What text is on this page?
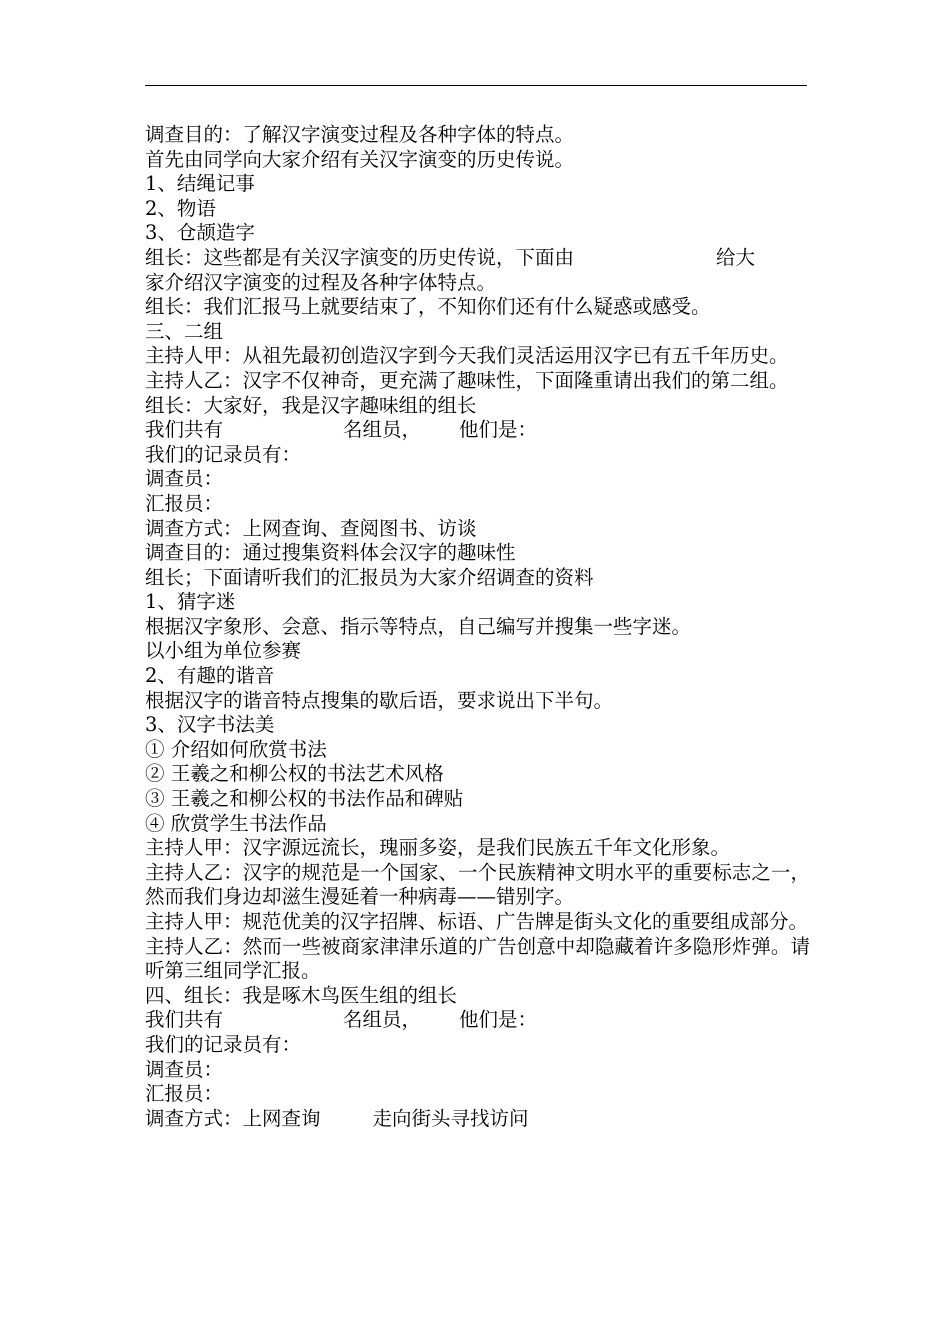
调查目的：了解汉字演变过程及各种字体的特点。
首先由同学向大家介绍有关汉字演变的历史传说。
1、结绳记事
2、物语
3、仓颉造字
组长：这些都是有关汉字演变的历史传说，下面由	给大
家介绍汉字演变的过程及各种字体特点。
组长：我们汇报马上就要结束了，不知你们还有什么疑惑或感受。
三、二组
主持人甲：从祖先最初创造汉字到今天我们灵活运用汉字已有五千年历史。
主持人乙：汉字不仅神奇，更充满了趣味性，下面隆重请出我们的第二组。
组长：大家好，我是汉字趣味组的组长
我们共有	名组员， 他们是：
我们的记录员有：
调查员：
汇报员：
调查方式：上网查询、查阅图书、访谈
调查目的：通过搜集资料体会汉字的趣味性
组长；下面请听我们的汇报员为大家介绍调查的资料
1、猜字迷
根据汉字象形、会意、指示等特点，自己编写并搜集一些字迷。
以小组为单位参赛
2、有趣的谐音
根据汉字的谐音特点搜集的歇后语，要求说出下半句。
3、汉字书法美
① 介绍如何欣赏书法
② 王羲之和柳公权的书法艺术风格
③ 王羲之和柳公权的书法作品和碑贴
④ 欣赏学生书法作品
主持人甲：汉字源远流长，瑰丽多姿，是我们民族五千年文化形象。
主持人乙：汉字的规范是一个国家、一个民族精神文明水平的重要标志之一，然而我们身边却滋生漫延着一种病毒——错别字。
主持人甲：规范优美的汉字招牌、标语、广告牌是街头文化的重要组成部分。
主持人乙：然而一些被商家津津乐道的广告创意中却隐藏着许多隐形炸弹。请听第三组同学汇报。
四、组长：我是啄木鸟医生组的组长
我们共有	名组员， 他们是：
我们的记录员有：
调查员：
汇报员：
调查方式：上网查询	走向街头寻找访问
